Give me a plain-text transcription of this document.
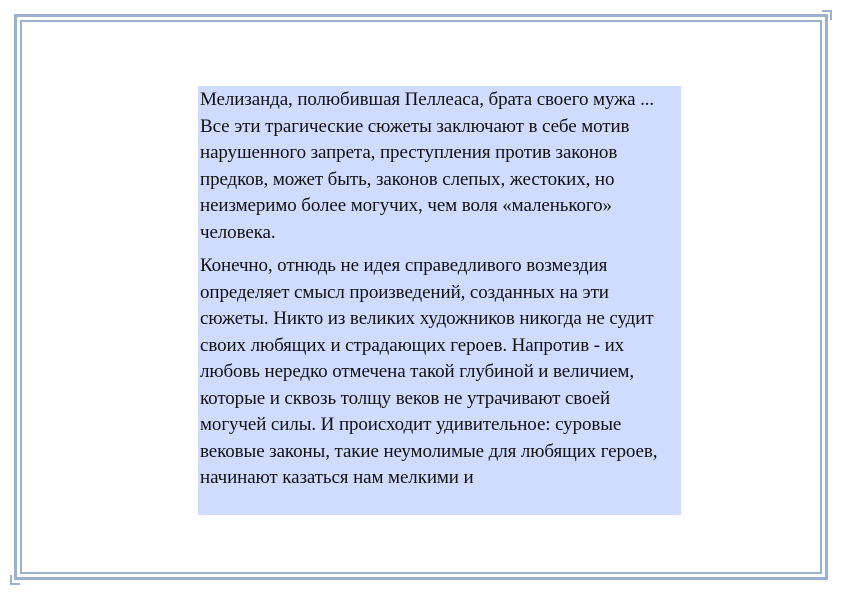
Мелизанда, полюбившая Пеллеаса, брата своего мужа ... Все эти трагические сюжеты заключают в себе мотив нарушенного запрета, преступления против законов предков, может быть, законов слепых, жестоких, но неизмеримо более могучих, чем воля «маленького» человека.

Конечно, отнюдь не идея справедливого возмездия определяет смысл произведений, созданных на эти сюжеты. Никто из великих художников никогда не судит своих любящих и страдающих героев. Напротив - их любовь нередко отмечена такой глубиной и величием, которые и сквозь толщу веков не утрачивают своей могучей силы. И происходит удивительное: суровые вековые законы, такие неумолимые для любящих героев, начинают казаться нам мелкими и
